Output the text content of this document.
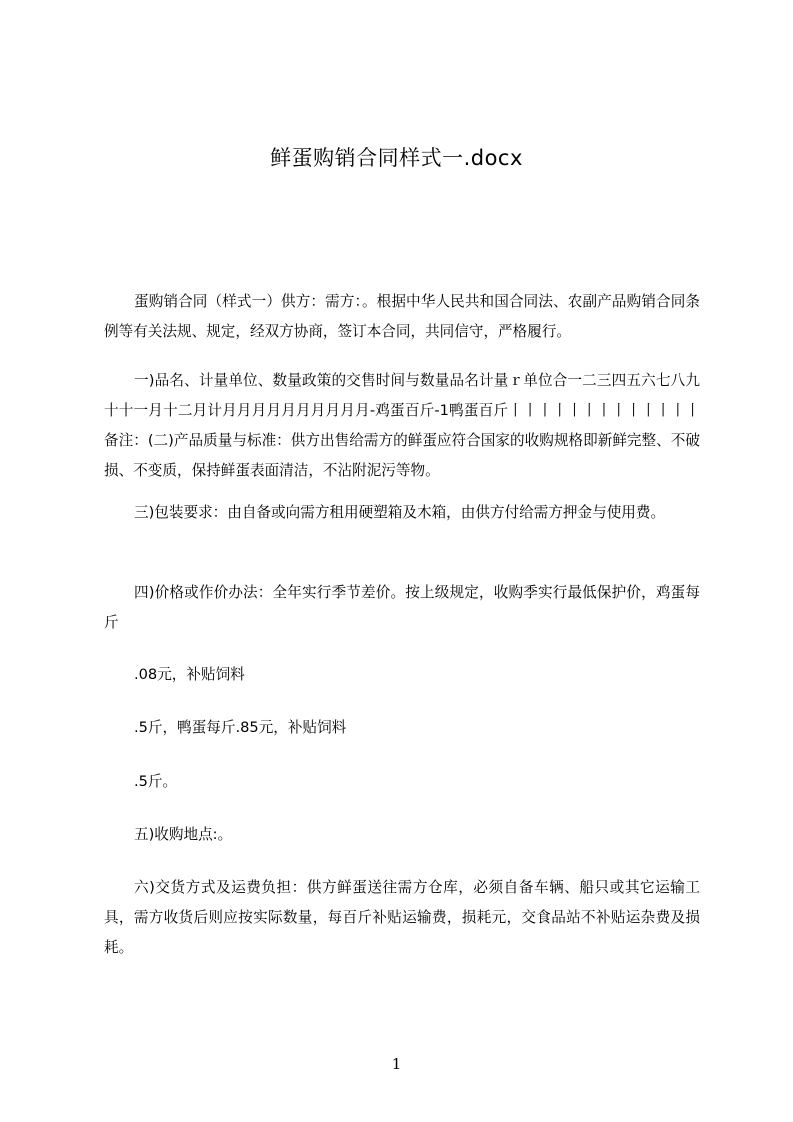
鲜蛋购销合同样式一.docx

蛋购销合同（样式一）供方：需方：。根据中华人民共和国合同法、农副产品购销合同条例等有关法规、规定，经双方协商，签订本合同，共同信守，严格履行。

一)品名、计量单位、数量政策的交售时间与数量品名计量ｒ单位合一二三四五六七八九十十一月十二月计月月月月月月月月月月-鸡蛋百斤-1鸭蛋百斤丨丨丨丨丨丨丨丨丨丨丨丨丨备注：(二)产品质量与标准：供方出售给需方的鲜蛋应符合国家的收购规格即新鲜完整、不破损、不变质，保持鲜蛋表面清洁，不沾附泥污等物。

三)包装要求：由自备或向需方租用硬塑箱及木箱，由供方付给需方押金与使用费。

四)价格或作价办法：全年实行季节差价。按上级规定，收购季实行最低保护价，鸡蛋每斤

.08元，补贴饲料

.5斤，鸭蛋每斤.85元，补贴饲料

.5斤。

五)收购地点:。

六)交货方式及运费负担：供方鲜蛋送往需方仓库，必须自备车辆、船只或其它运输工具，需方收货后则应按实际数量，每百斤补贴运输费，损耗元，交食品站不补贴运杂费及损耗。

1
